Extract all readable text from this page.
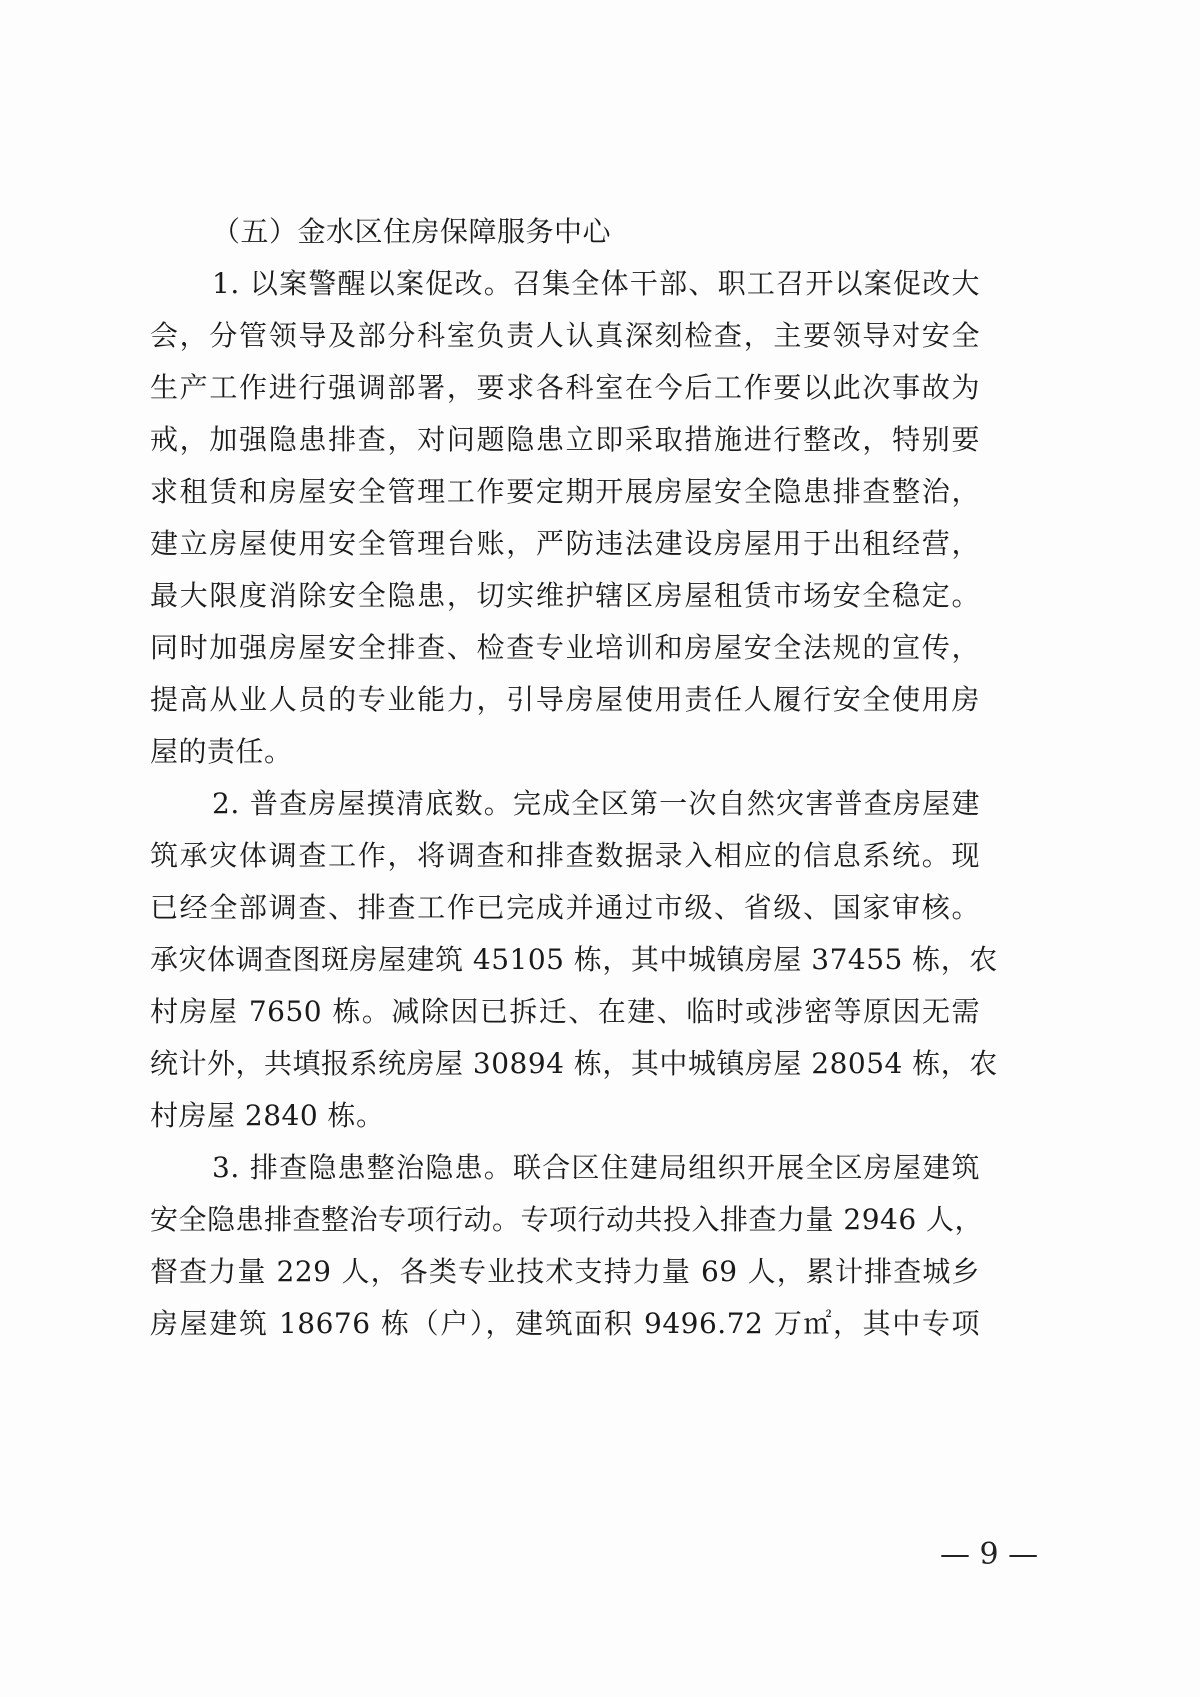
（五）金水区住房保障服务中心
1. 以案警醒以案促改。召集全体干部、职工召开以案促改大
会，分管领导及部分科室负责人认真深刻检查，主要领导对安全
生产工作进行强调部署，要求各科室在今后工作要以此次事故为
戒，加强隐患排查，对问题隐患立即采取措施进行整改，特别要
求租赁和房屋安全管理工作要定期开展房屋安全隐患排查整治，
建立房屋使用安全管理台账，严防违法建设房屋用于出租经营，
最大限度消除安全隐患，切实维护辖区房屋租赁市场安全稳定。
同时加强房屋安全排查、检查专业培训和房屋安全法规的宣传，
提高从业人员的专业能力，引导房屋使用责任人履行安全使用房
屋的责任。
2. 普查房屋摸清底数。完成全区第一次自然灾害普查房屋建
筑承灾体调查工作，将调查和排查数据录入相应的信息系统。现
已经全部调查、排查工作已完成并通过市级、省级、国家审核。
承灾体调查图斑房屋建筑 45105 栋，其中城镇房屋 37455 栋，农
村房屋 7650 栋。减除因已拆迁、在建、临时或涉密等原因无需
统计外，共填报系统房屋 30894 栋，其中城镇房屋 28054 栋，农
村房屋 2840 栋。
3. 排查隐患整治隐患。联合区住建局组织开展全区房屋建筑
安全隐患排查整治专项行动。专项行动共投入排查力量 2946 人，
督查力量 229 人，各类专业技术支持力量 69 人，累计排查城乡
房屋建筑 18676 栋（户），建筑面积 9496.72 万㎡，其中专项
— 9 —
